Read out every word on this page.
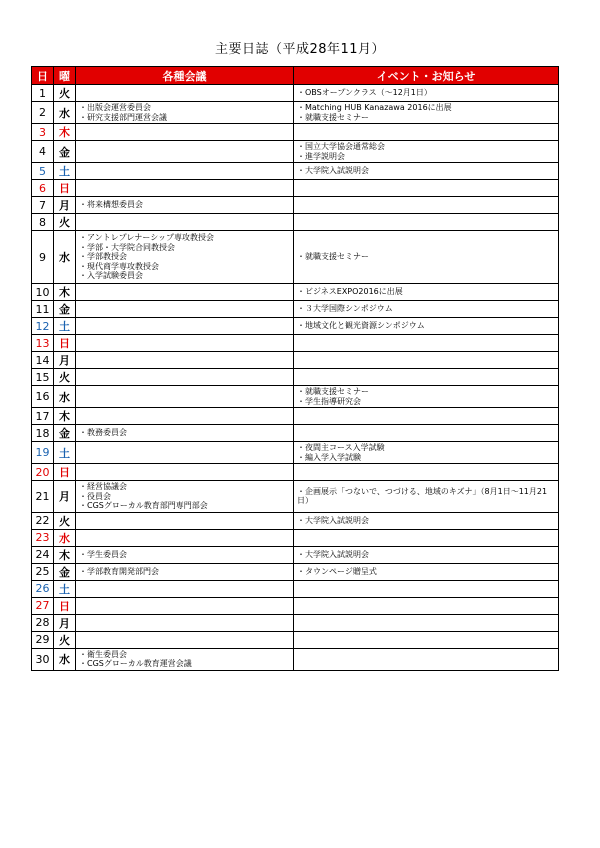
主要日誌（平成28年11月）
日	曜	各種会議	イベント・お知らせ
1	火		・OBSオープンクラス（～12月1日）

2	水	・出版会運営委員会
・研究支援部門運営会議	・Matching HUB Kanazawa 2016に出展
・就職支援セミナー

3	木		
4	金		・国立大学協会通常総会
・進学説明会

5	土		・大学院入試説明会

6	日		
7	月	・将来構想委員会	

8	火		
9	水	・アントレプレナーシップ専攻教授会
・学部・大学院合同教授会
・学部教授会
・現代商学専攻教授会
・入学試験委員会	・就職支援セミナー

10	木		・ビジネスEXPO2016に出展

11	金		・３大学国際シンポジウム

12	土		・地域文化と観光資源シンポジウム

13	日		
14	月		
15	火		
16	水		・就職支援セミナー
・学生指導研究会

17	木		
18	金	・教務委員会	

19	土		・夜間主コース入学試験
・編入学入学試験

20	日		
21	月	・経営協議会
・役員会
・CGSグローカル教育部門専門部会	・企画展示「つないで、つづける、地域のキズナ」（8月1日～11月21日）

22	火		・大学院入試説明会

23	水		
24	木	・学生委員会	・大学院入試説明会

25	金	・学部教育開発部門会	・タウンページ贈呈式

26	土		
27	日		
28	月		
29	火		
30	水	・衛生委員会
・CGSグローカル教育運営会議	
